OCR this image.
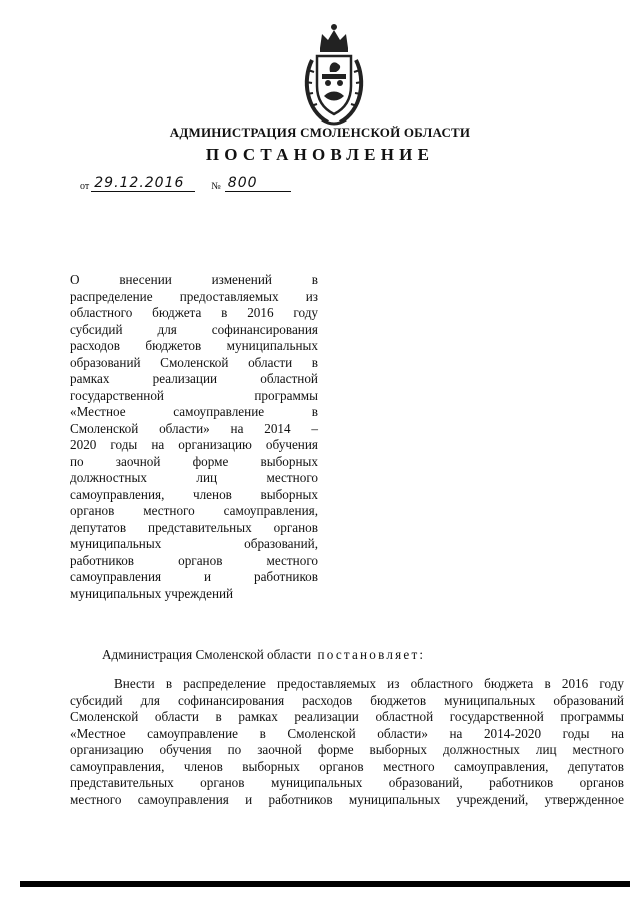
АДМИНИСТРАЦИЯ СМОЛЕНСКОЙ ОБЛАСТИ
ПОСТАНОВЛЕНИЕ
от 29.12.2016	№ 800
О внесении изменений в
распределение предоставляемых из
областного бюджета в 2016 году
субсидий для софинансирования
расходов бюджетов муниципальных
образований Смоленской области в
рамках реализации областной
государственной программы
«Местное самоуправление в
Смоленской области» на 2014 –
2020 годы на организацию обучения
по заочной форме выборных
должностных лиц местного
самоуправления, членов выборных
органов местного самоуправления,
депутатов представительных органов
муниципальных образований,
работников органов местного
самоуправления и работников
муниципальных учреждений
Администрация Смоленской области постановляет:
Внести в распределение предоставляемых из областного бюджета в 2016 году
субсидий для софинансирования расходов бюджетов муниципальных образований
Смоленской области в рамках реализации областной государственной программы
«Местное самоуправление в Смоленской области» на 2014-2020 годы на
организацию обучения по заочной форме выборных должностных лиц местного
самоуправления, членов выборных органов местного самоуправления, депутатов
представительных органов муниципальных образований, работников органов
местного самоуправления и работников муниципальных учреждений, утвержденное
